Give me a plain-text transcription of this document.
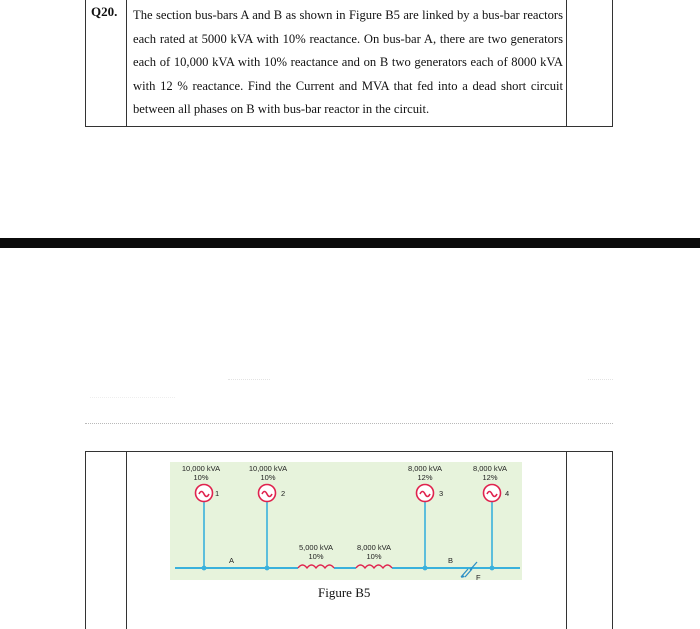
Q20. The section bus-bars A and B as shown in Figure B5 are linked by a bus-bar reactors each rated at 5000 kVA with 10% reactance. On bus-bar A, there are two generators each of 10,000 kVA with 10% reactance and on B two generators each of 8000 kVA with 12 % reactance. Find the Current and MVA that fed into a dead short circuit between all phases on B with bus-bar reactor in the circuit.
10,000 kVA
10%
1
10,000 kVA
10%
2
8,000 kVA
12%
3
8,000 kVA
12%
4
A	B
5,000 kVA
10%
8,000 kVA
10%
F
Figure B5
